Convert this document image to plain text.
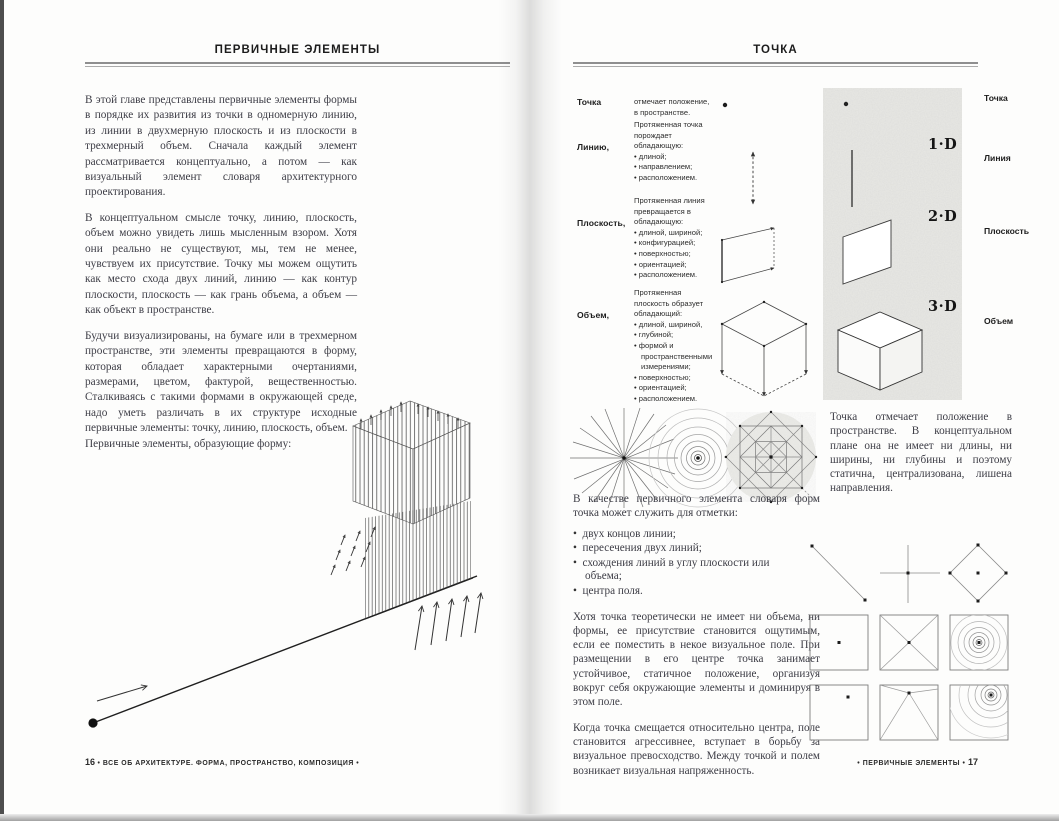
ПЕРВИЧНЫЕ ЭЛЕМЕНТЫ

В этой главе представлены первичные элементы формы в порядке их развития из точки в одномерную линию, из линии в двухмерную плоскость и из плоскости в трехмерный объем. Сначала каждый элемент рассматривается концептуально, а потом — как визуальный элемент словаря архитектурного проектирования.

В концептуальном смысле точку, линию, плоскость, объем можно увидеть лишь мысленным взором. Хотя они реально не существуют, мы, тем не менее, чувствуем их присутствие. Точку мы можем ощутить как место схода двух линий, линию — как контур плоскости, плоскость — как грань объема, а объем — как объект в пространстве.

Будучи визуализированы, на бумаге или в трехмерном пространстве, эти элементы превращаются в форму, которая обладает характерными очертаниями, размерами, цветом, фактурой, вещественностью. Сталкиваясь с такими формами в окружающей среде, надо уметь различать в их структуре исходные первичные элементы: точку, линию, плоскость, объем.

Первичные элементы, образующие форму:

16 • ВСЕ ОБ АРХИТЕКТУРЕ. ФОРМА, ПРОСТРАНСТВО, КОМПОЗИЦИЯ •
ТОЧКА
Точка	отмечает положение, в пространстве.
Линию,
Протяженная точка порождает обладающую:
• длиной;
• направлением;
• расположением.
Плоскость,
Протяженная линия превращается в обладающую:
• длиной, шириной;
• конфигурацией;
• поверхностью;
• ориентацией;
• расположением.
Объем,
Протяженная плоскость образует обладающий:
• длиной, шириной,
• глубиной;
• формой и пространственными измерениями;
• поверхностью;
• ориентацией;
• расположением.
1·D
2·D
3·D
Точка
Линия
Плоскость
Объем

Точка отмечает положение в пространстве. В концептуальном плане она не имеет ни длины, ни ширины, ни глубины и поэтому статична, централизована, лишена направления.

В качестве первичного элемента словаря форм точка может служить для отметки:

•  двух концов линии;
•  пересечения двух линий;
•  схождения линий в углу плоскости или объема;
•  центра поля.

Хотя точка теоретически не имеет ни объема, ни формы, ее присутствие становится ощутимым, если ее поместить в некое визуальное поле. При размещении в его центре точка занимает устойчивое, статичное положение, организуя вокруг себя окружающие элементы и доминируя в этом поле.

Когда точка смещается относительно центра, поле становится агрессивнее, вступает в борьбу за визуальное превосходство. Между точкой и полем возникает визуальная напряженность.

• ПЕРВИЧНЫЕ ЭЛЕМЕНТЫ • 17
